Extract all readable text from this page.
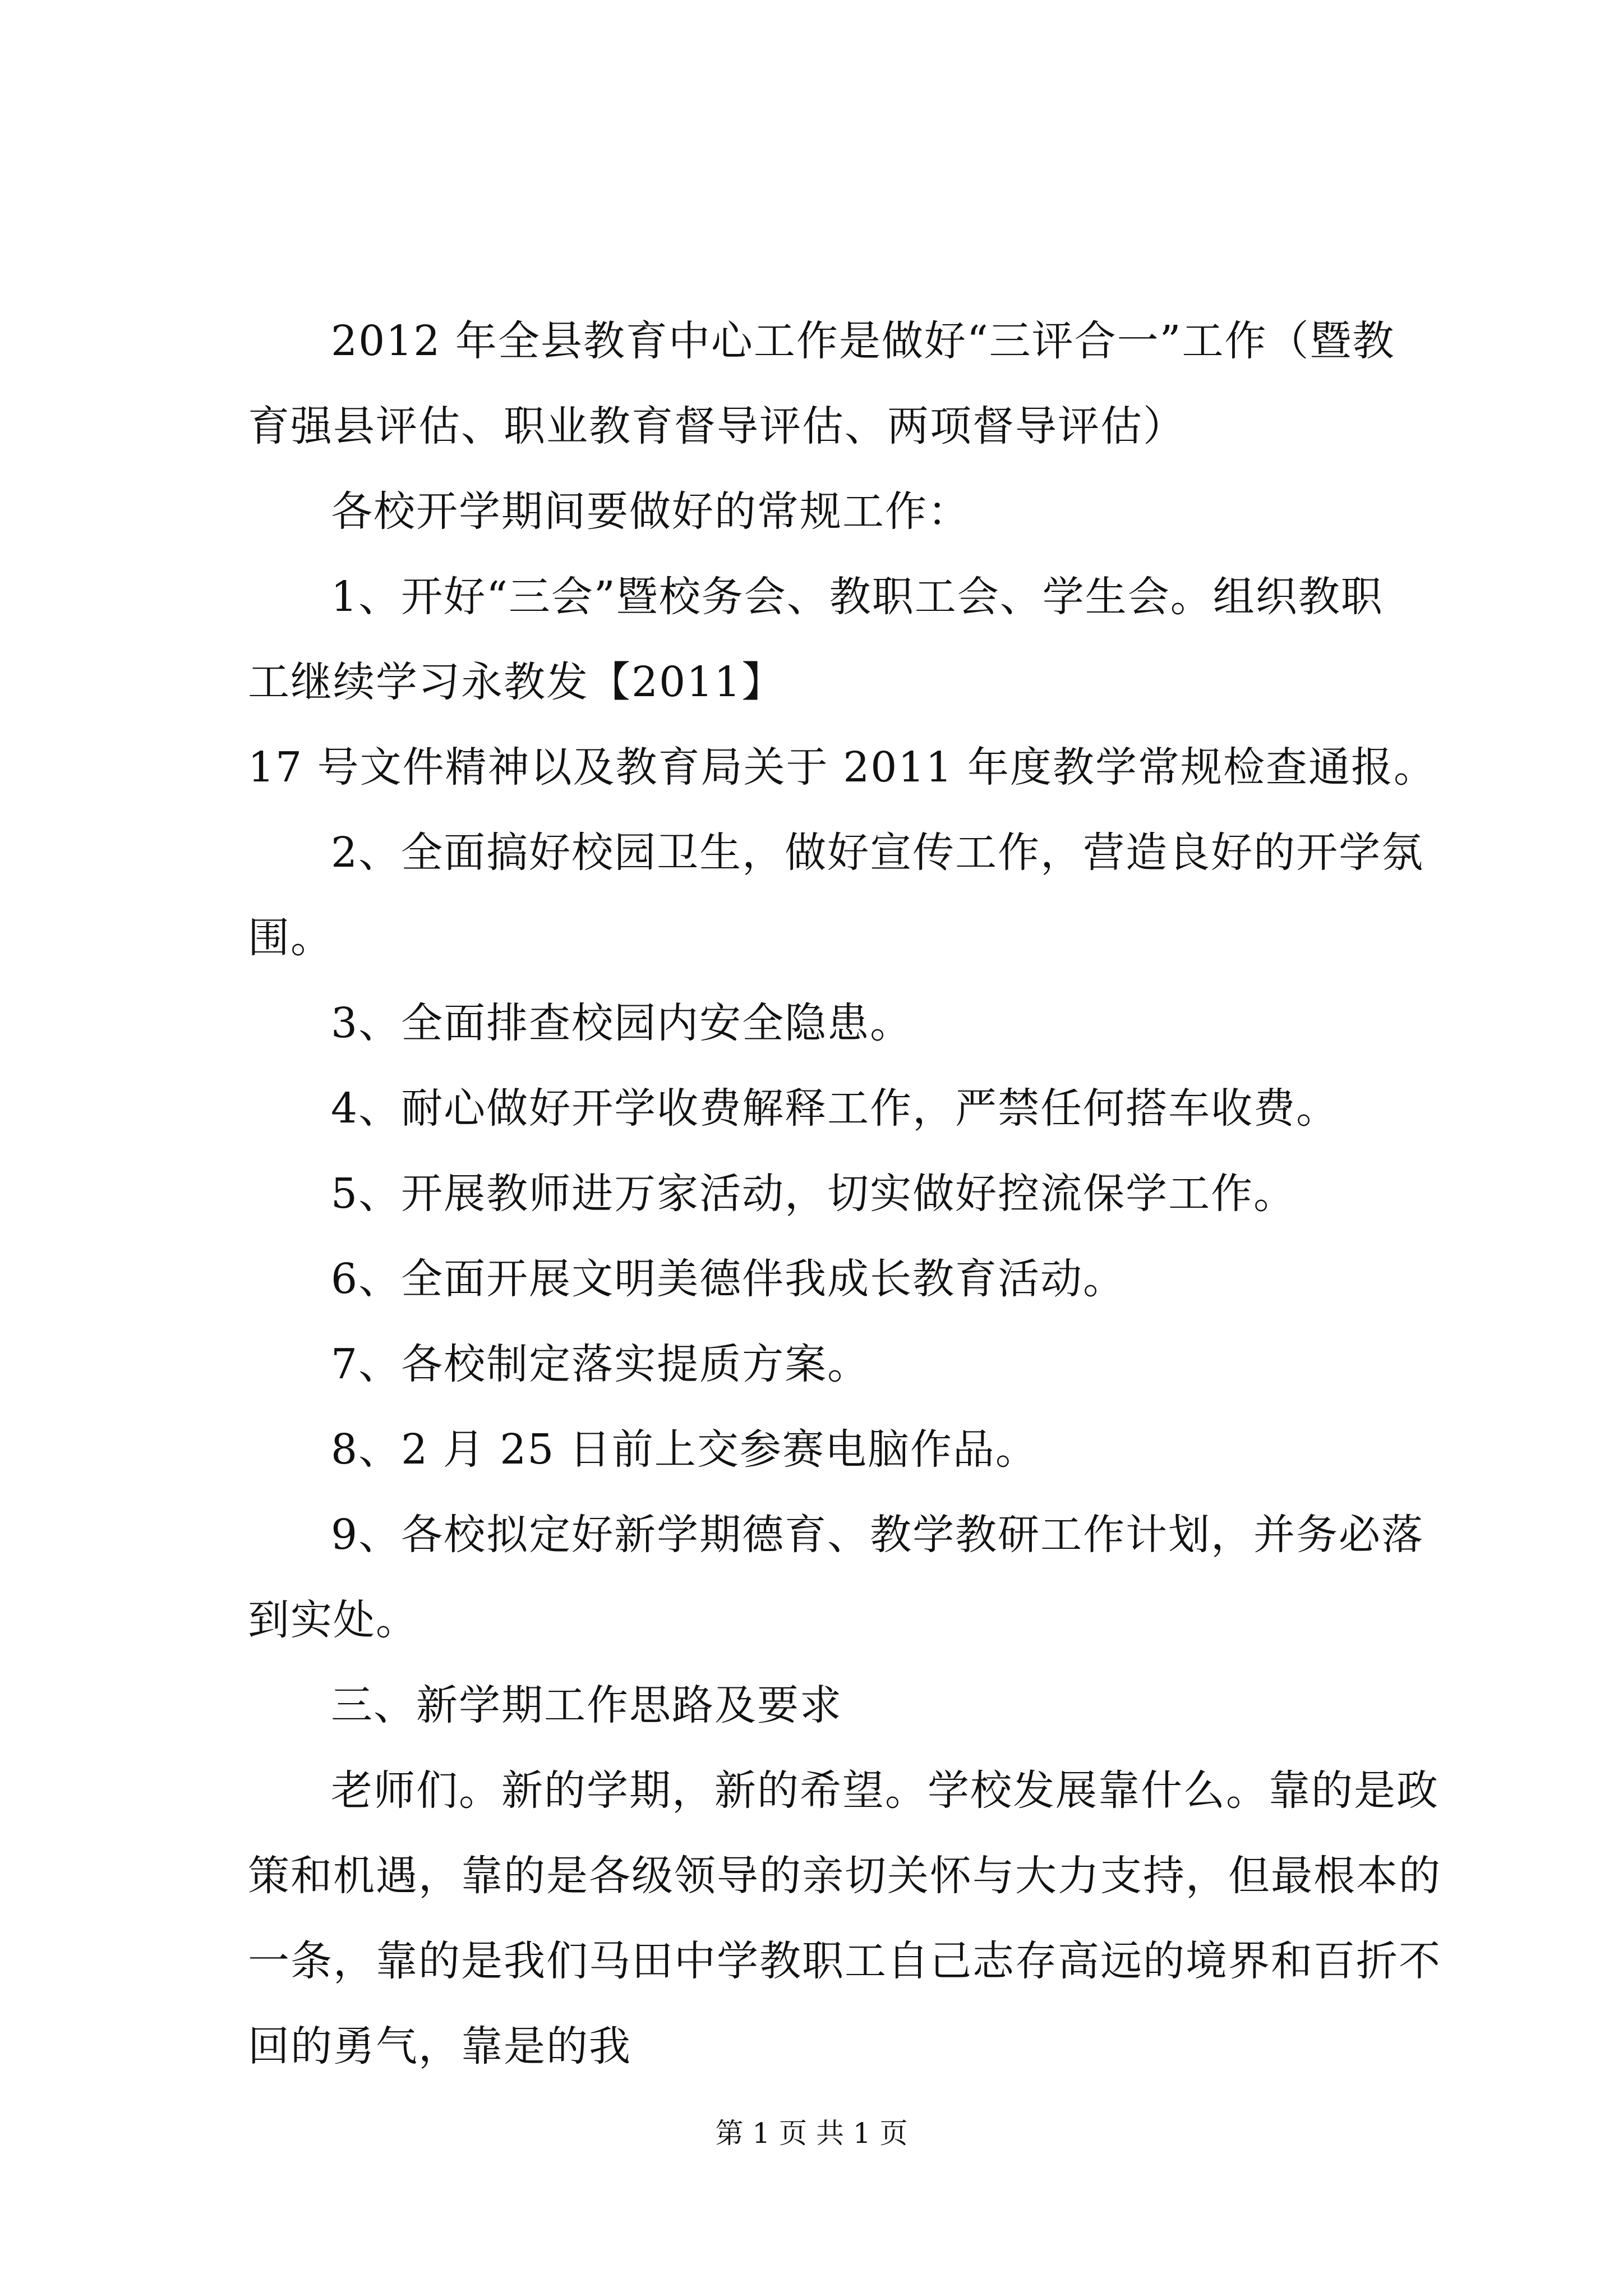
2012 年全县教育中心工作是做好“三评合一”工作（暨教

育强县评估、职业教育督导评估、两项督导评估）

各校开学期间要做好的常规工作：

1、开好“三会”暨校务会、教职工会、学生会。组织教职

工继续学习永教发【2011】

17 号文件精神以及教育局关于 2011 年度教学常规检查通报。

2、全面搞好校园卫生，做好宣传工作，营造良好的开学氛

围。

3、全面排查校园内安全隐患。

4、耐心做好开学收费解释工作，严禁任何搭车收费。

5、开展教师进万家活动，切实做好控流保学工作。

6、全面开展文明美德伴我成长教育活动。

7、各校制定落实提质方案。

8、2 月 25 日前上交参赛电脑作品。

9、各校拟定好新学期德育、教学教研工作计划，并务必落

到实处。

三、新学期工作思路及要求

老师们。新的学期，新的希望。学校发展靠什么。靠的是政

策和机遇，靠的是各级领导的亲切关怀与大力支持，但最根本的

一条，靠的是我们马田中学教职工自己志存高远的境界和百折不

回的勇气，靠是的我

第 1 页 共 1 页
